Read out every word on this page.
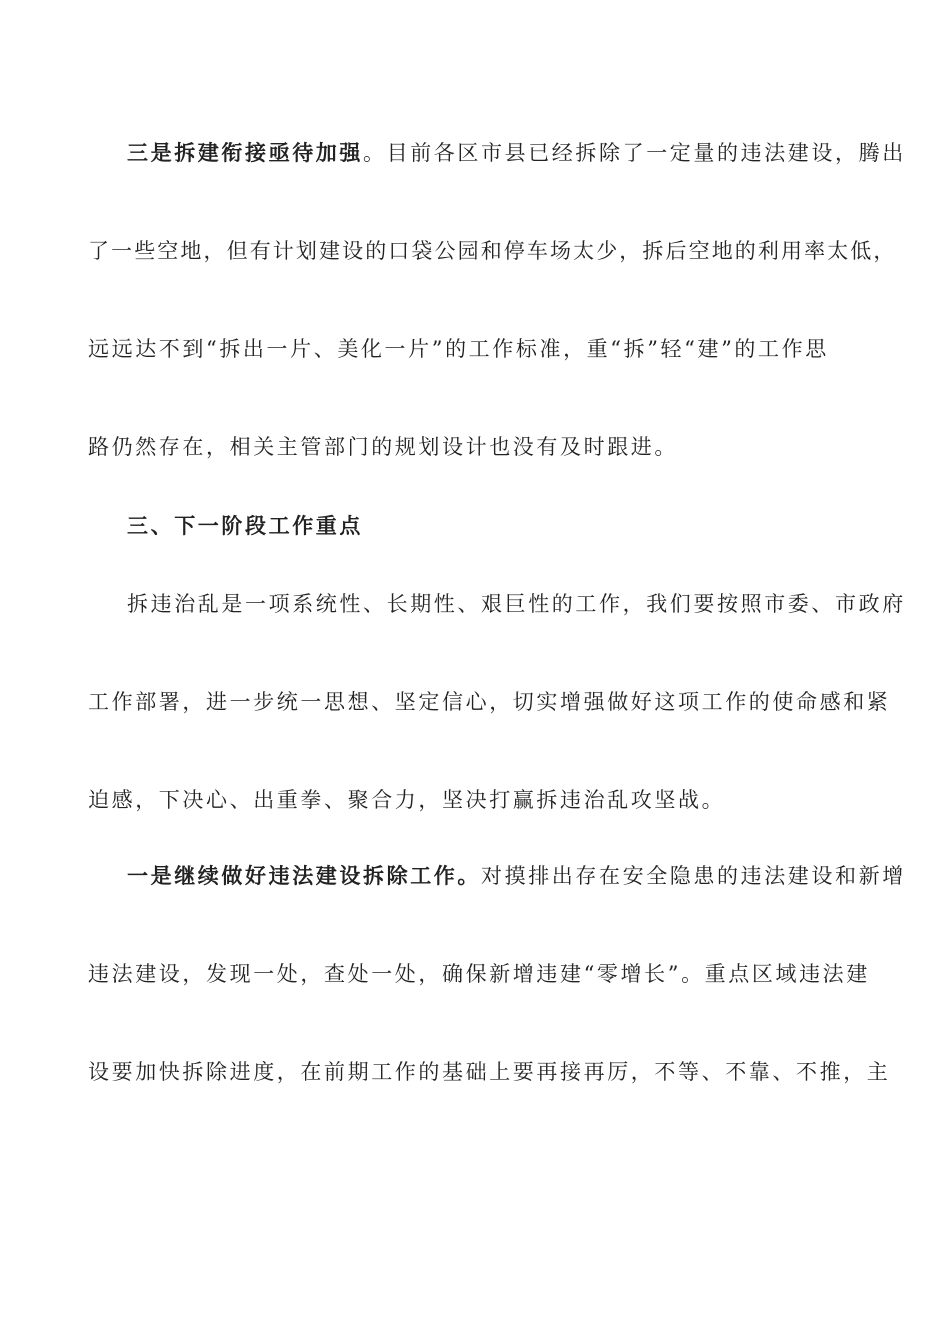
三是拆建衔接亟待加强。目前各区市县已经拆除了一定量的违法建设，腾出
了一些空地，但有计划建设的口袋公园和停车场太少，拆后空地的利用率太低，
远远达不到“拆出一片、美化一片”的工作标准，重“拆”轻“建”的工作思
路仍然存在，相关主管部门的规划设计也没有及时跟进。
三、下一阶段工作重点
拆违治乱是一项系统性、长期性、艰巨性的工作，我们要按照市委、市政府
工作部署，进一步统一思想、坚定信心，切实增强做好这项工作的使命感和紧
迫感，下决心、出重拳、聚合力，坚决打赢拆违治乱攻坚战。
一是继续做好违法建设拆除工作。对摸排出存在安全隐患的违法建设和新增
违法建设，发现一处，查处一处，确保新增违建“零增长”。重点区域违法建
设要加快拆除进度，在前期工作的基础上要再接再厉，不等、不靠、不推，主
